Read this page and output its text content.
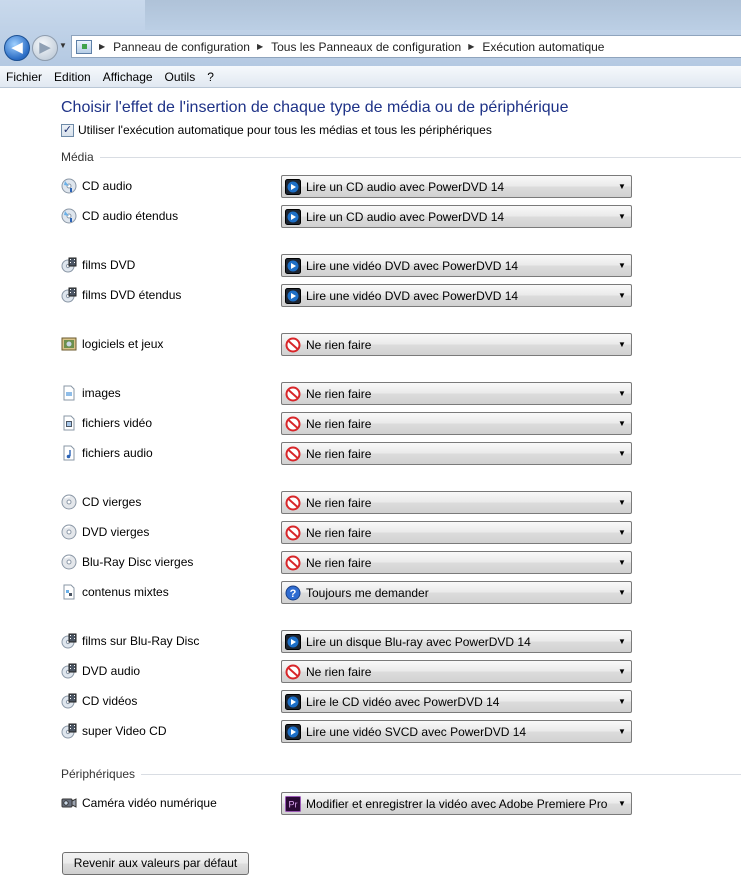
◀	▶	▼	▶ Panneau de configuration ▶ Tous les Panneaux de configuration ▶ Exécution automatique
Fichier	Edition	Affichage	Outils	?
Choisir l'effet de l'insertion de chaque type de média ou de périphérique
✓ Utiliser l'exécution automatique pour tous les médias et tous les périphériques
Média
Périphériques
Revenir aux valeurs par défaut
CD audio	Lire un CD audio avec PowerDVD 14	▼
CD audio étendus	Lire un CD audio avec PowerDVD 14	▼
films DVD	Lire une vidéo DVD avec PowerDVD 14	▼
films DVD étendus	Lire une vidéo DVD avec PowerDVD 14	▼
logiciels et jeux	Ne rien faire	▼
images	Ne rien faire	▼
fichiers vidéo	Ne rien faire	▼
fichiers audio	Ne rien faire	▼
CD vierges	Ne rien faire	▼
DVD vierges	Ne rien faire	▼
Blu-Ray Disc vierges	Ne rien faire	▼
contenus mixtes	? Toujours me demander	▼
films sur Blu-Ray Disc	Lire un disque Blu-ray avec PowerDVD 14	▼
DVD audio	Ne rien faire	▼
CD vidéos	Lire le CD vidéo avec PowerDVD 14	▼
super Video CD	Lire une vidéo SVCD avec PowerDVD 14	▼
Caméra vidéo numérique	Pr Modifier et enregistrer la vidéo avec Adobe Premiere Pro	▼
